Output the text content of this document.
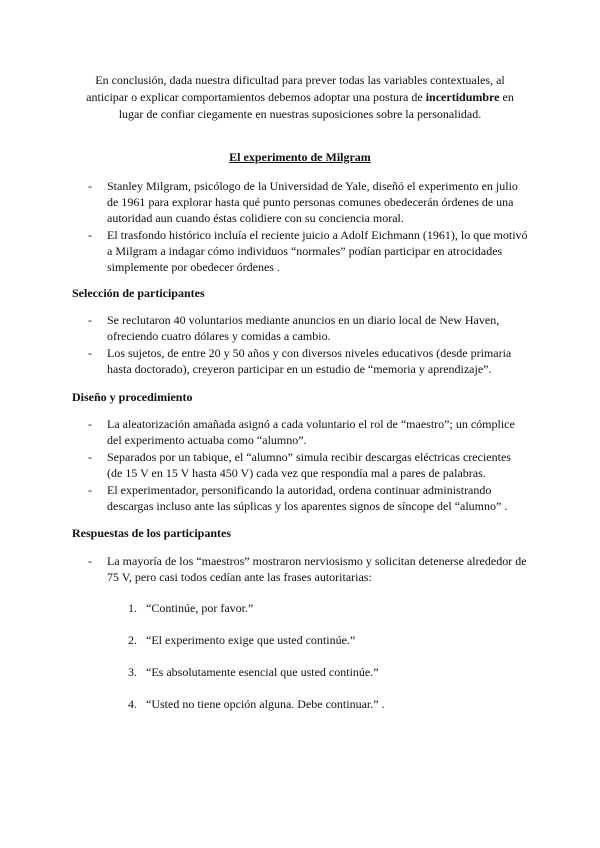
En conclusión, dada nuestra dificultad para prever todas las variables contextuales, al anticipar o explicar comportamientos debemos adoptar una postura de incertidumbre en lugar de confiar ciegamente en nuestras suposiciones sobre la personalidad.

El experimento de Milgram
- Stanley Milgram, psicólogo de la Universidad de Yale, diseñó el experimento en julio de 1961 para explorar hasta qué punto personas comunes obedecerán órdenes de una autoridad aun cuando éstas colidiere con su conciencia moral.
- El trasfondo histórico incluía el reciente juicio a Adolf Eichmann (1961), lo que motivó a Milgram a indagar cómo individuos “normales” podían participar en atrocidades simplemente por obedecer órdenes .
Selección de participantes
- Se reclutaron 40 voluntarios mediante anuncios en un diario local de New Haven, ofreciendo cuatro dólares y comidas a cambio.
- Los sujetos, de entre 20 y 50 años y con diversos niveles educativos (desde primaria hasta doctorado), creyeron participar en un estudio de “memoria y aprendizaje”.
Diseño y procedimiento
- La aleatorización amañada asignó a cada voluntario el rol de “maestro”; un cómplice del experimento actuaba como “alumno”.
- Separados por un tabique, el “alumno” simula recibir descargas eléctricas crecientes (de 15 V en 15 V hasta 450 V) cada vez que respondía mal a pares de palabras.
- El experimentador, personificando la autoridad, ordena continuar administrando descargas incluso ante las súplicas y los aparentes signos de síncope del “alumno” .
Respuestas de los participantes
- La mayoría de los “maestros” mostraron nerviosismo y solicitan detenerse alrededor de 75 V, pero casi todos cedían ante las frases autoritarias:
1. “Continúe, por favor.”
2. “El experimento exige que usted continúe.”
3. “Es absolutamente esencial que usted continúe.”
4. “Usted no tiene opción alguna. Debe continuar.” .
